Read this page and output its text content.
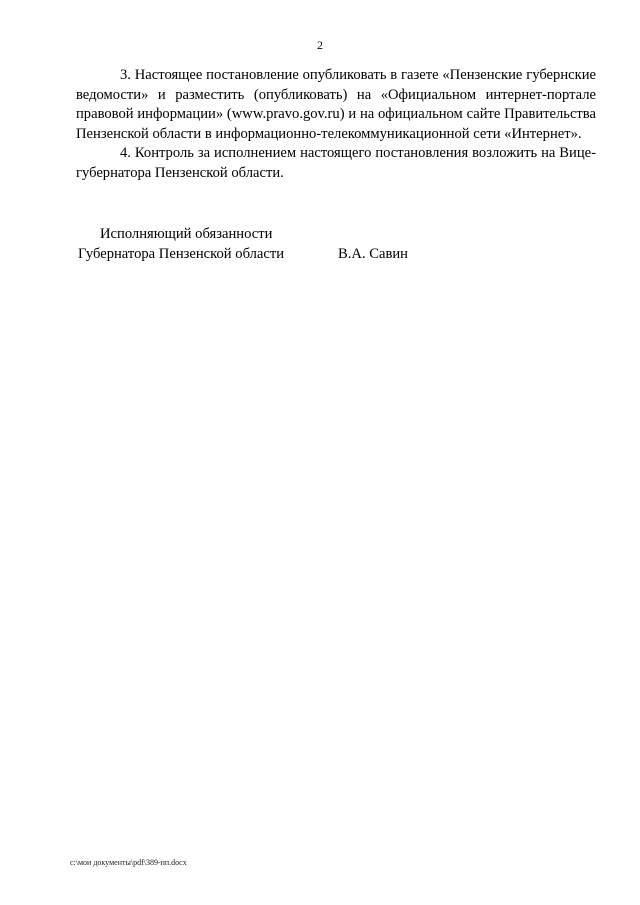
2

3. Настоящее постановление опубликовать в газете «Пензенские губернские ведомости» и разместить (опубликовать) на «Официальном интернет-портале правовой информации» (www.pravo.gov.ru) и на официальном сайте Правительства Пензенской области в информационно-телекоммуникационной сети «Интернет».

4. Контроль за исполнением настоящего постановления возложить на Вице-губернатора Пензенской области.

Исполняющий обязанности
Губернатора Пензенской области	В.А. Савин
c:\мои документы\pdf\389-пп.docx
